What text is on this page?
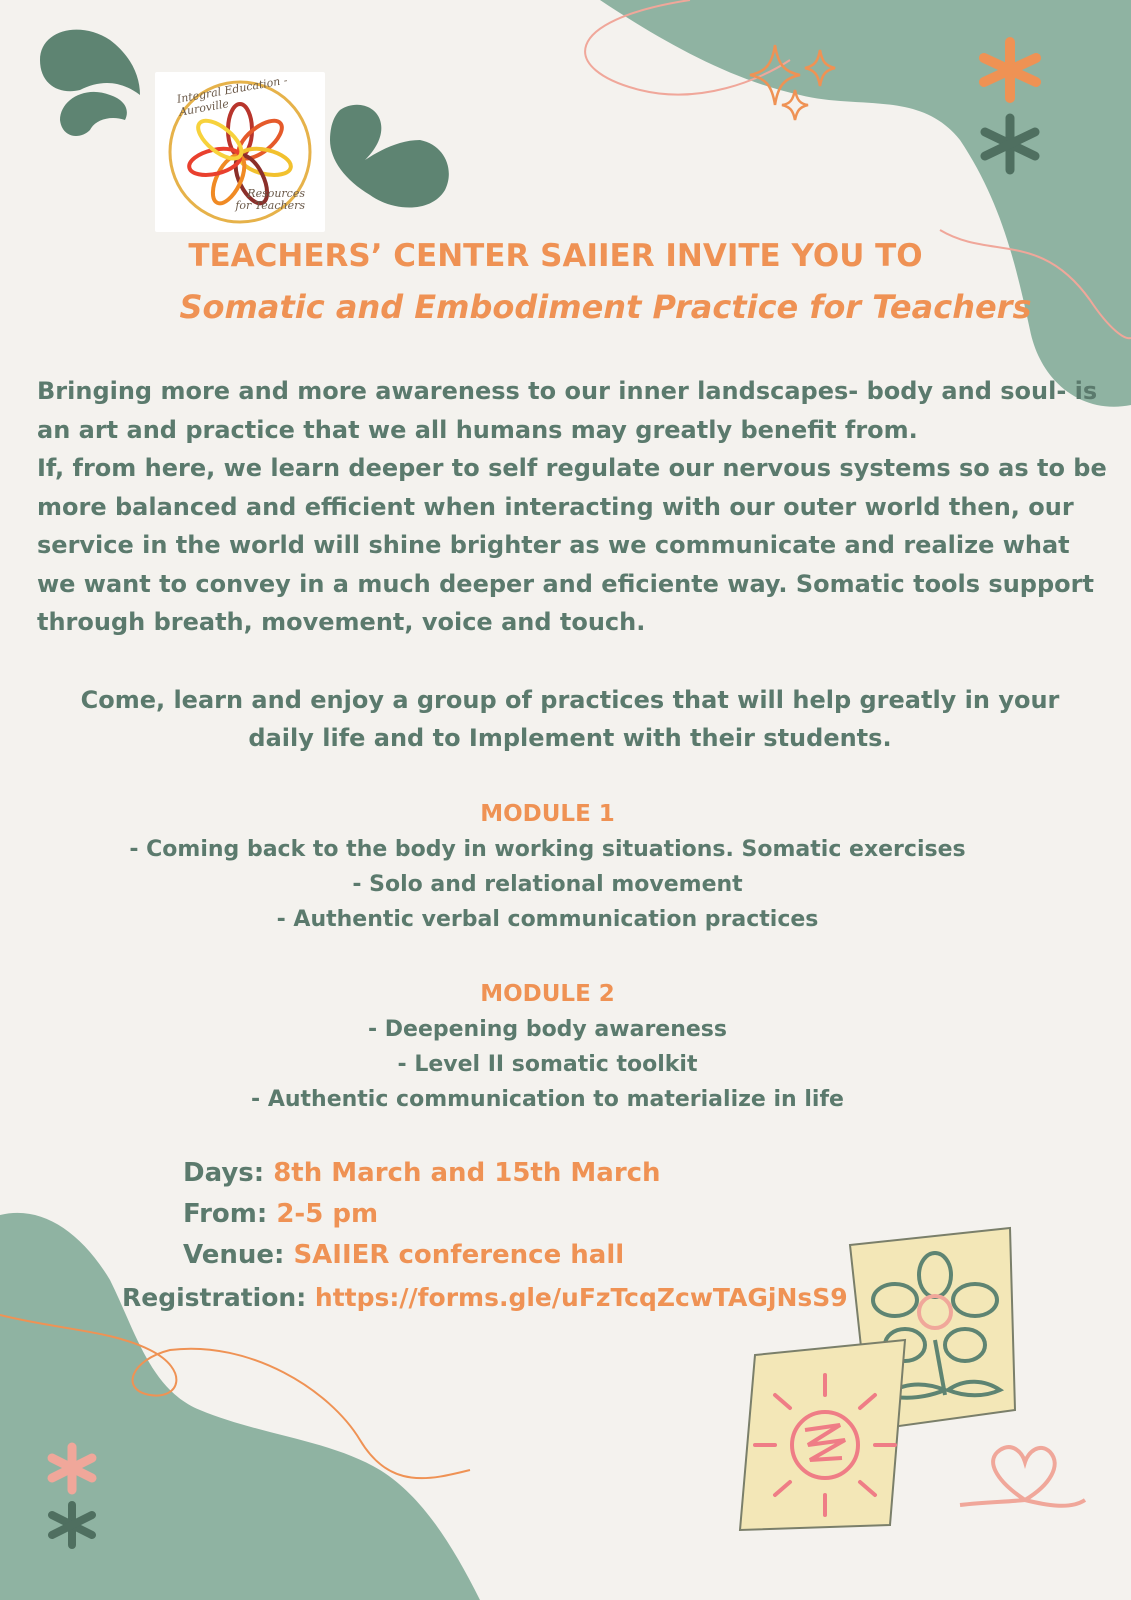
Integral Education - Auroville
Resources
for Teachers
TEACHERS’ CENTER SAIIER INVITE YOU TO
Somatic and Embodiment Practice for Teachers

Bringing more and more awareness to our inner landscapes- body and soul- is an art and practice that we all humans may greatly benefit from.

If, from here, we learn deeper to self regulate our nervous systems so as to be more balanced and efficient when interacting with our outer world then, our service in the world will shine brighter as we communicate and realize what we want to convey in a much deeper and eficiente way. Somatic tools support through breath, movement, voice and touch.

Come, learn and enjoy a group of practices that will help greatly in your
daily life and to Implement with their students.
MODULE 1
- Coming back to the body in working situations. Somatic exercises
- Solo and relational movement
- Authentic verbal communication practices
MODULE 2
- Deepening body awareness
- Level II somatic toolkit
- Authentic communication to materialize in life
Days: 8th March and 15th March
From: 2-5 pm
Venue: SAIIER conference hall
Registration: https://forms.gle/uFzTcqZcwTAGjNsS9
